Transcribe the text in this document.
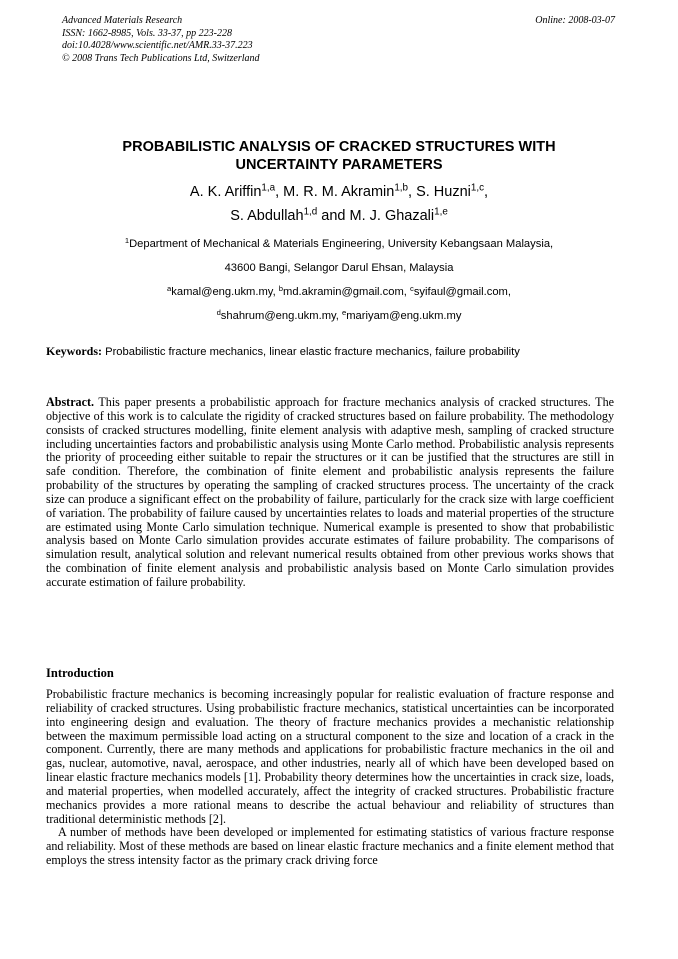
Advanced Materials Research
ISSN: 1662-8985, Vols. 33-37, pp 223-228
doi:10.4028/www.scientific.net/AMR.33-37.223
© 2008 Trans Tech Publications Ltd, Switzerland
Online: 2008-03-07
PROBABILISTIC ANALYSIS OF CRACKED STRUCTURES WITH
UNCERTAINTY PARAMETERS
A. K. Ariffin$^{1,a}$, M. R. M. Akramin$^{1,b}$, S. Huzni$^{1,c}$,
S. Abdullah$^{1,d}$ and M. J. Ghazali$^{1,e}$
$^1$Department of Mechanical & Materials Engineering, University Kebangsaan Malaysia,
43600 Bangi, Selangor Darul Ehsan, Malaysia
$^a$kamal@eng.ukm.my, $^b$md.akramin@gmail.com, $^c$syifaul@gmail.com,
$^d$shahrum@eng.ukm.my, $^e$mariyam@eng.ukm.my
Keywords: Probabilistic fracture mechanics, linear elastic fracture mechanics, failure probability
Abstract. This paper presents a probabilistic approach for fracture mechanics analysis of cracked structures. The objective of this work is to calculate the rigidity of cracked structures based on failure probability. The methodology consists of cracked structures modelling, finite element analysis with adaptive mesh, sampling of cracked structure including uncertainties factors and probabilistic analysis using Monte Carlo method. Probabilistic analysis represents the priority of proceeding either suitable to repair the structures or it can be justified that the structures are still in safe condition. Therefore, the combination of finite element and probabilistic analysis represents the failure probability of the structures by operating the sampling of cracked structures process. The uncertainty of the crack size can produce a significant effect on the probability of failure, particularly for the crack size with large coefficient of variation. The probability of failure caused by uncertainties relates to loads and material properties of the structure are estimated using Monte Carlo simulation technique. Numerical example is presented to show that probabilistic analysis based on Monte Carlo simulation provides accurate estimates of failure probability. The comparisons of simulation result, analytical solution and relevant numerical results obtained from other previous works shows that the combination of finite element analysis and probabilistic analysis based on Monte Carlo simulation provides accurate estimation of failure probability.
Introduction

Probabilistic fracture mechanics is becoming increasingly popular for realistic evaluation of fracture response and reliability of cracked structures. Using probabilistic fracture mechanics, statistical uncertainties can be incorporated into engineering design and evaluation. The theory of fracture mechanics provides a mechanistic relationship between the maximum permissible load acting on a structural component to the size and location of a crack in the component. Currently, there are many methods and applications for probabilistic fracture mechanics in the oil and gas, nuclear, automotive, naval, aerospace, and other industries, nearly all of which have been developed based on linear elastic fracture mechanics models [1]. Probability theory determines how the uncertainties in crack size, loads, and material properties, when modelled accurately, affect the integrity of cracked structures. Probabilistic fracture mechanics provides a more rational means to describe the actual behaviour and reliability of structures than traditional deterministic methods [2].

A number of methods have been developed or implemented for estimating statistics of various fracture response and reliability. Most of these methods are based on linear elastic fracture mechanics and a finite element method that employs the stress intensity factor as the primary crack driving force
